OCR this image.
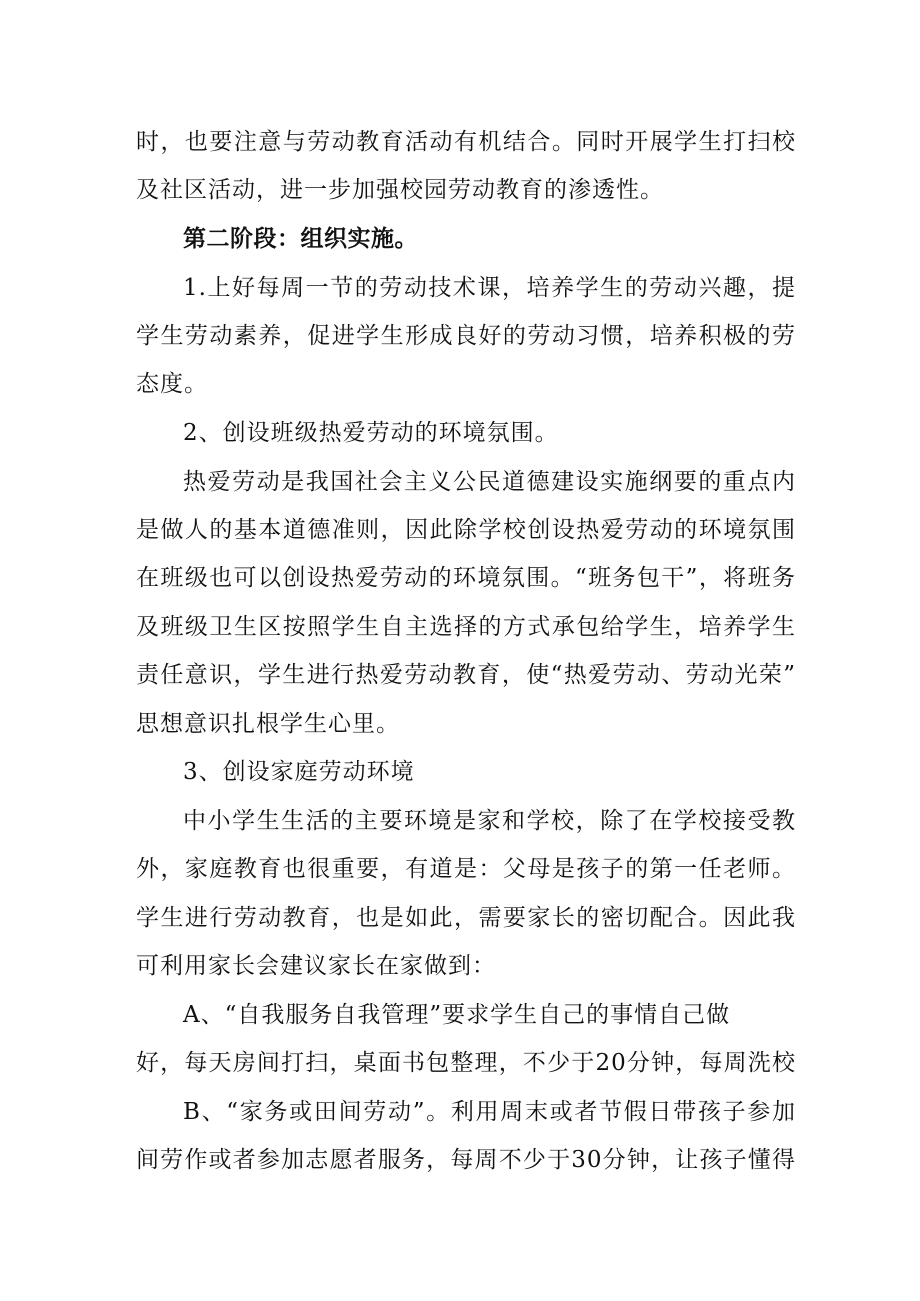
时，也要注意与劳动教育活动有机结合。同时开展学生打扫校
及社区活动，进一步加强校园劳动教育的渗透性。
第二阶段：组织实施。
1.上好每周一节的劳动技术课，培养学生的劳动兴趣，提
学生劳动素养，促进学生形成良好的劳动习惯，培养积极的劳
态度。
2、创设班级热爱劳动的环境氛围。
热爱劳动是我国社会主义公民道德建设实施纲要的重点内
是做人的基本道德准则，因此除学校创设热爱劳动的环境氛围
在班级也可以创设热爱劳动的环境氛围。“班务包干”，将班务
及班级卫生区按照学生自主选择的方式承包给学生，培养学生
责任意识，学生进行热爱劳动教育，使“热爱劳动、劳动光荣”
思想意识扎根学生心里。
3、创设家庭劳动环境
中小学生生活的主要环境是家和学校，除了在学校接受教
外，家庭教育也很重要，有道是：父母是孩子的第一任老师。
学生进行劳动教育，也是如此，需要家长的密切配合。因此我
可利用家长会建议家长在家做到：
A、“自我服务自我管理”要求学生自己的事情自己做
好，每天房间打扫，桌面书包整理，不少于20分钟，每周洗校
B、“家务或田间劳动”。利用周末或者节假日带孩子参加
间劳作或者参加志愿者服务，每周不少于30分钟，让孩子懂得
